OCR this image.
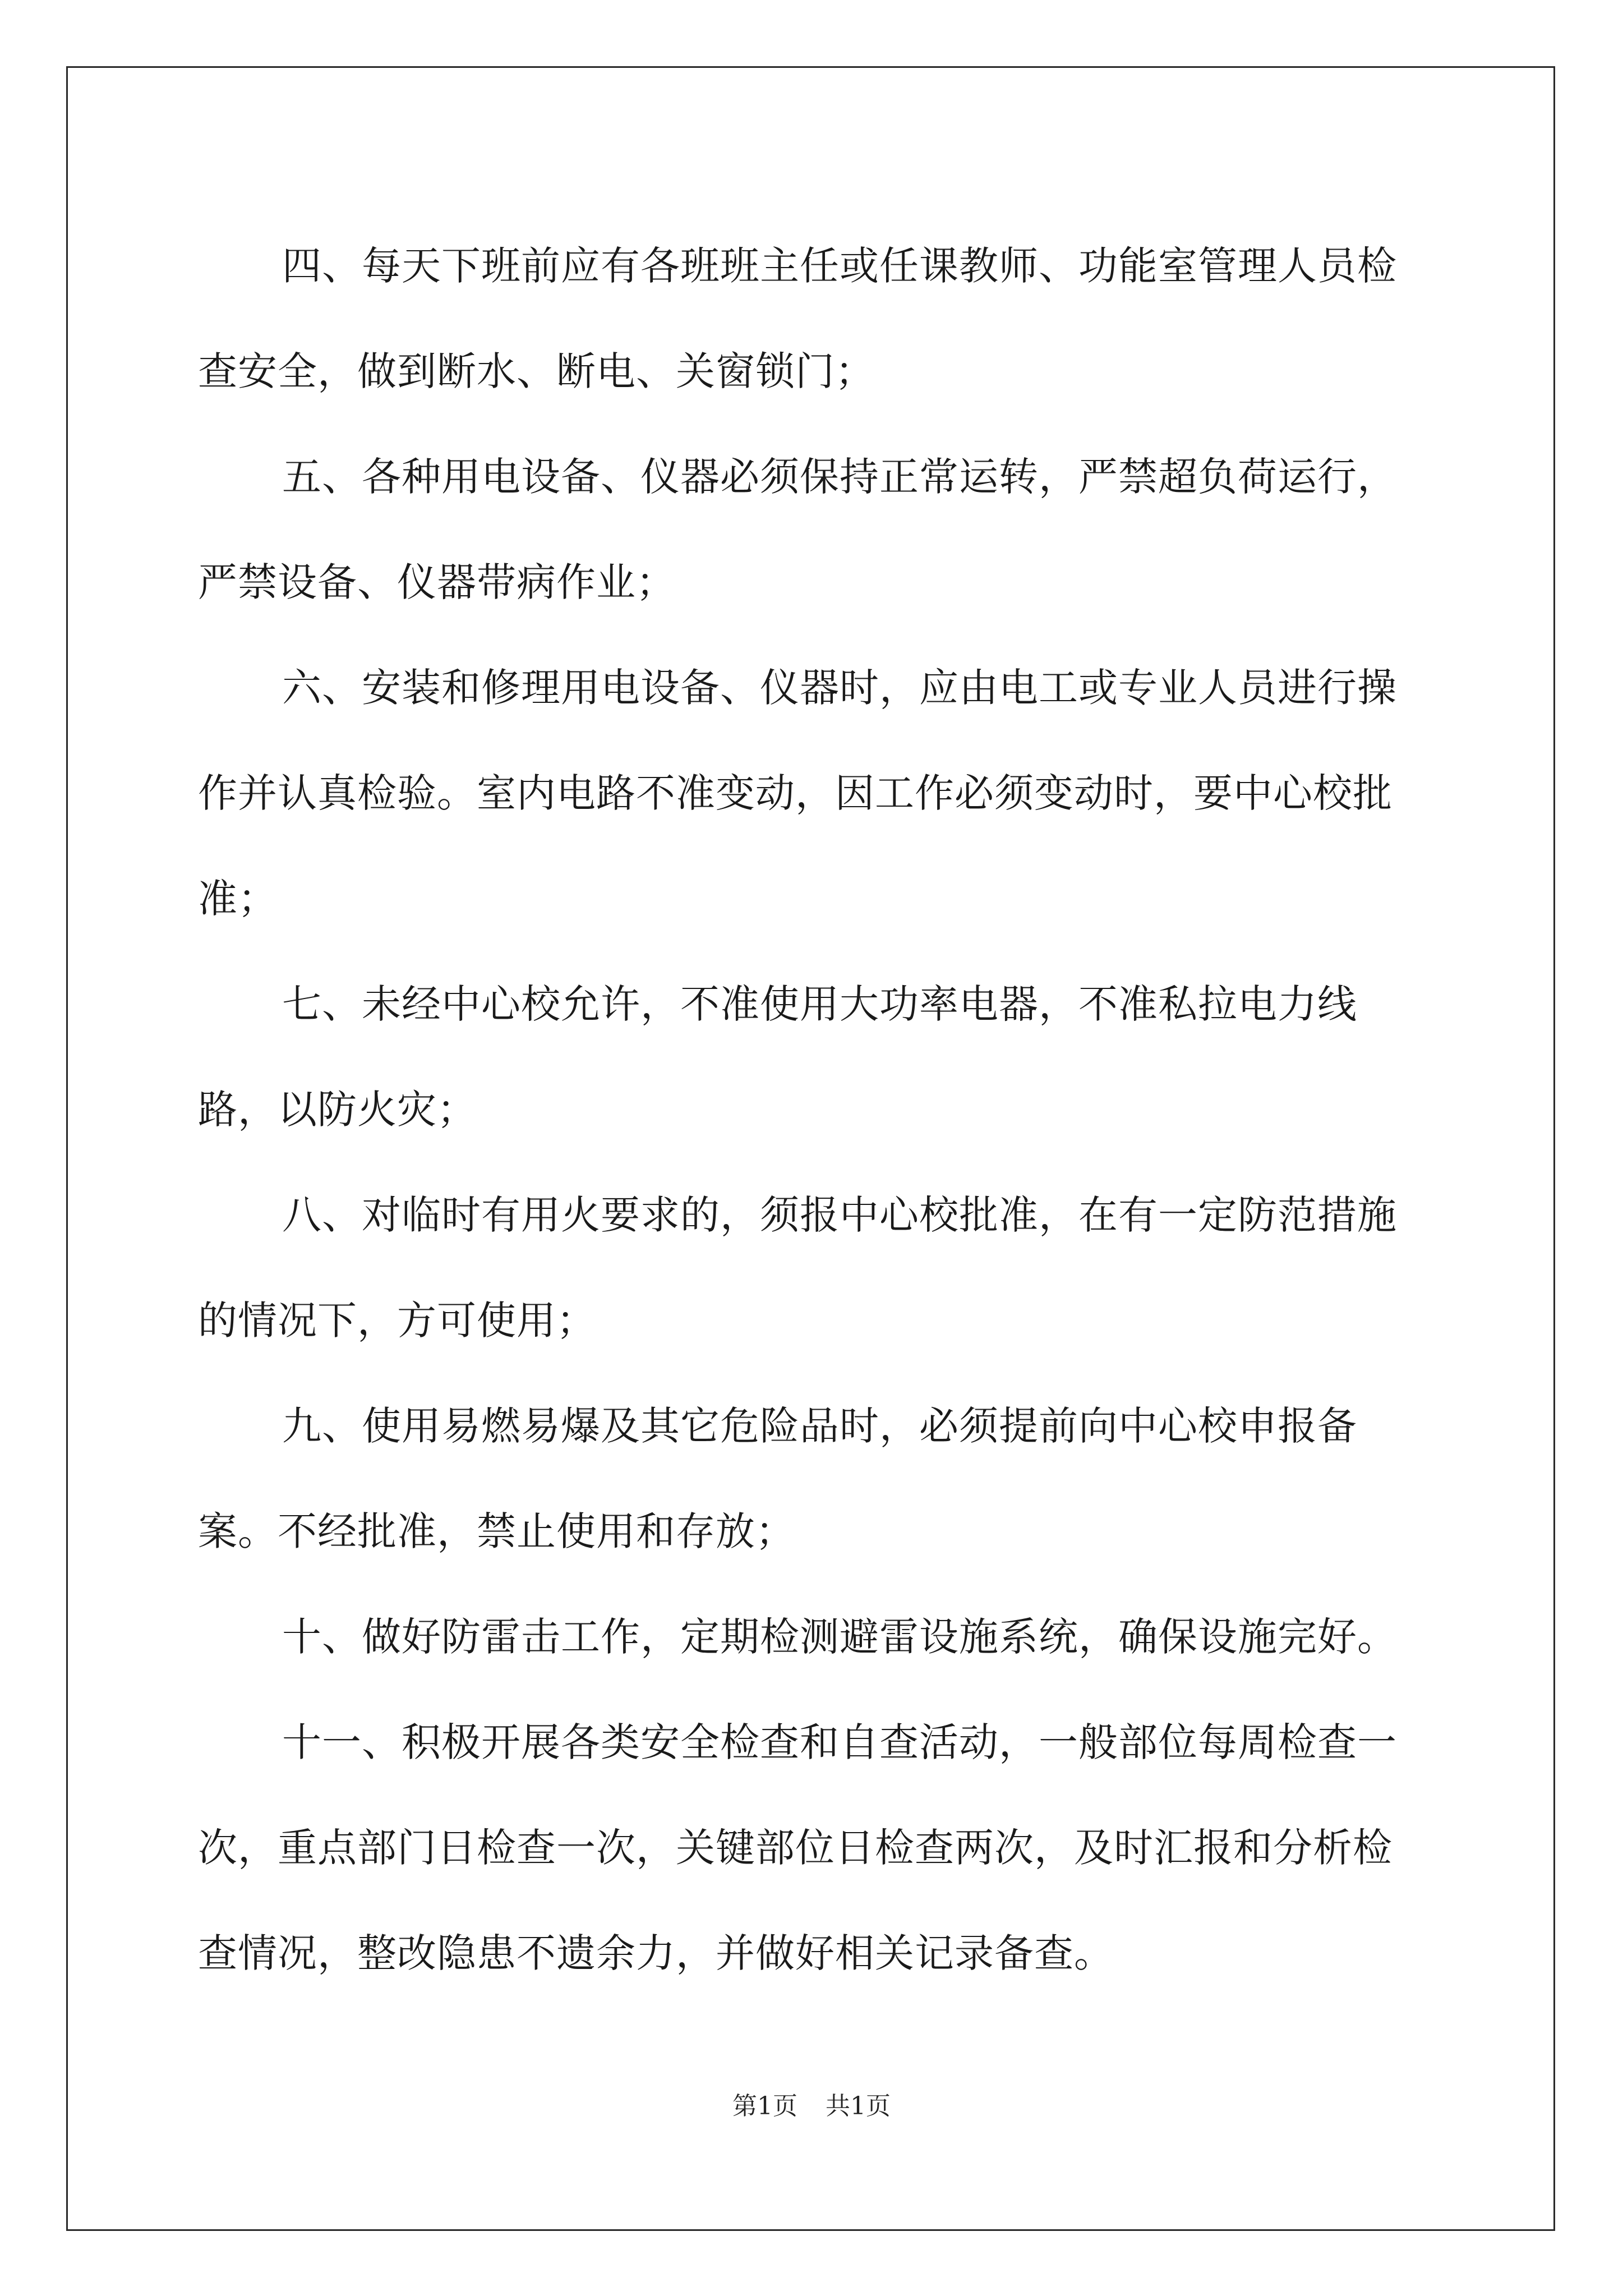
四、每天下班前应有各班班主任或任课教师、功能室管理人员检查安全，做到断水、断电、关窗锁门；

五、各种用电设备、仪器必须保持正常运转，严禁超负荷运行，严禁设备、仪器带病作业；

六、安装和修理用电设备、仪器时，应由电工或专业人员进行操作并认真检验。室内电路不准变动，因工作必须变动时，要中心校批准；

七、未经中心校允许，不准使用大功率电器，不准私拉电力线路，以防火灾；

八、对临时有用火要求的，须报中心校批准，在有一定防范措施的情况下，方可使用；

九、使用易燃易爆及其它危险品时，必须提前向中心校申报备案。不经批准，禁止使用和存放；

十、做好防雷击工作，定期检测避雷设施系统，确保设施完好。

十一、积极开展各类安全检查和自查活动，一般部位每周检查一次，重点部门日检查一次，关键部位日检查两次，及时汇报和分析检查情况，整改隐患不遗余力，并做好相关记录备查。

第1页 共1页
